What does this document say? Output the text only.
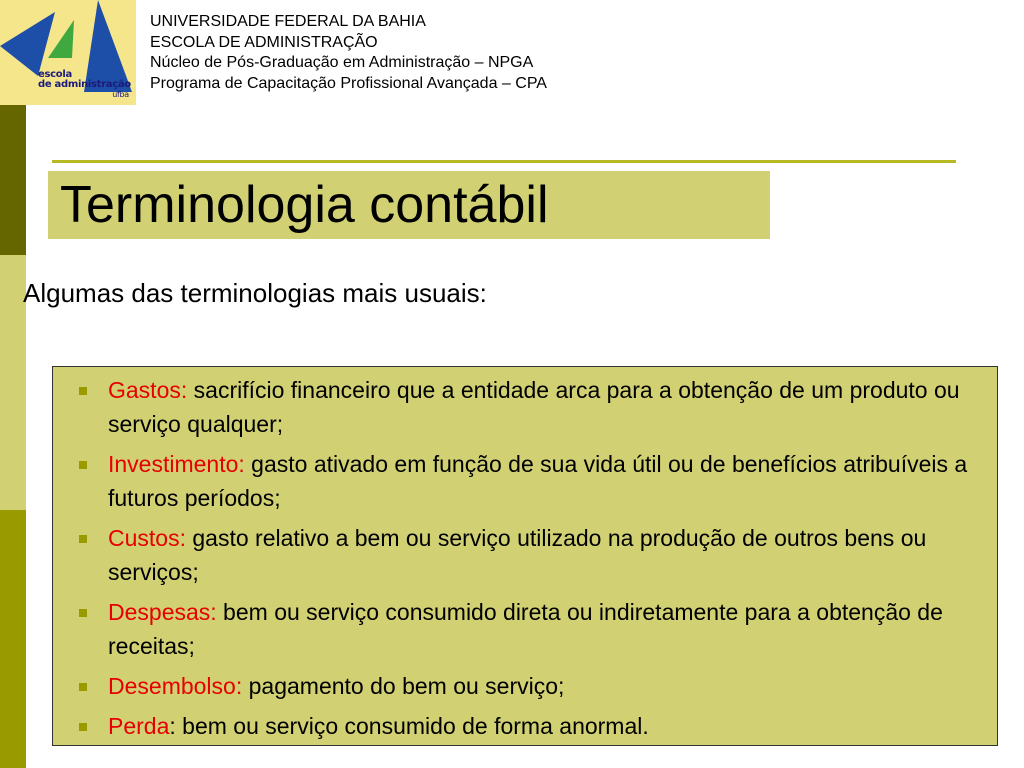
escola
de administração
ufba
UNIVERSIDADE FEDERAL DA BAHIA
ESCOLA DE ADMINISTRAÇÃO
Núcleo de Pós-Graduação em Administração – NPGA
Programa de Capacitação Profissional Avançada – CPA
Terminologia contábil
Algumas das terminologias mais usuais:
Gastos: sacrifício financeiro que a entidade arca para a obtenção de um produto ou serviço qualquer;
Investimento: gasto ativado em função de sua vida útil ou de benefícios atribuíveis a futuros períodos;
Custos: gasto relativo a bem ou serviço utilizado na produção de outros bens ou serviços;
Despesas: bem ou serviço consumido direta ou indiretamente para a obtenção de receitas;
Desembolso: pagamento do bem ou serviço;
Perda: bem ou serviço consumido de forma anormal.
